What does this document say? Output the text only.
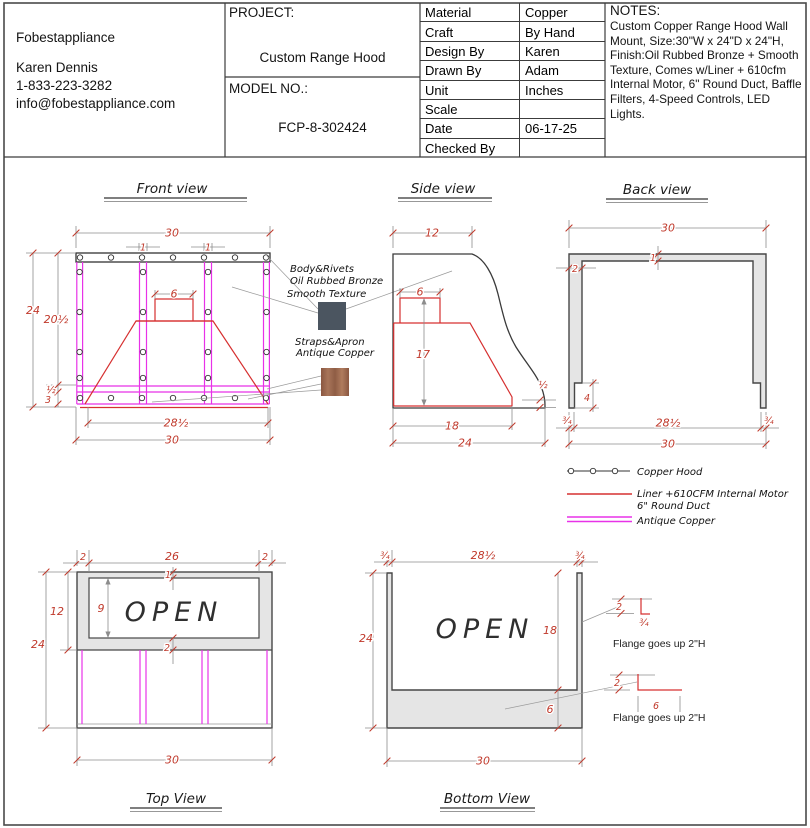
Front view
30
1	1
6
24
20½
½
3
28½
30
Body&Rivets
Oil Rubbed Bronze
Smooth Texture
Straps&Apron
Antique Copper
Side view
12
6
17
18
24
½
Back view
30
1
2
4
¾	28½	¾
30
Copper Hood
Liner +610CFM Internal Motor
6" Round Duct
Antique Copper
OPEN
2	26	2
1
12
24
9
2
30
Top View
OPEN
¾	28½	¾
24
18
6
30
Bottom View
2
¾
Flange goes up 2"H
2
6
Flange goes up 2"H
Fobestappliance
Karen Dennis
1-833-223-3282
info@fobestappliance.com
PROJECT:
Custom Range Hood
MODEL NO.:
FCP-8-302424
Material	Copper
Craft	By Hand
Design By	Karen
Drawn By	Adam
Unit	Inches
Scale
Date	06-17-25
Checked By
NOTES:
Custom Copper Range Hood Wall Mount, Size:30"W x 24"D x 24"H, Finish:Oil Rubbed Bronze + Smooth Texture, Comes w/Liner + 610cfm Internal Motor, 6" Round Duct, Baffle Filters, 4-Speed Controls, LED Lights.
